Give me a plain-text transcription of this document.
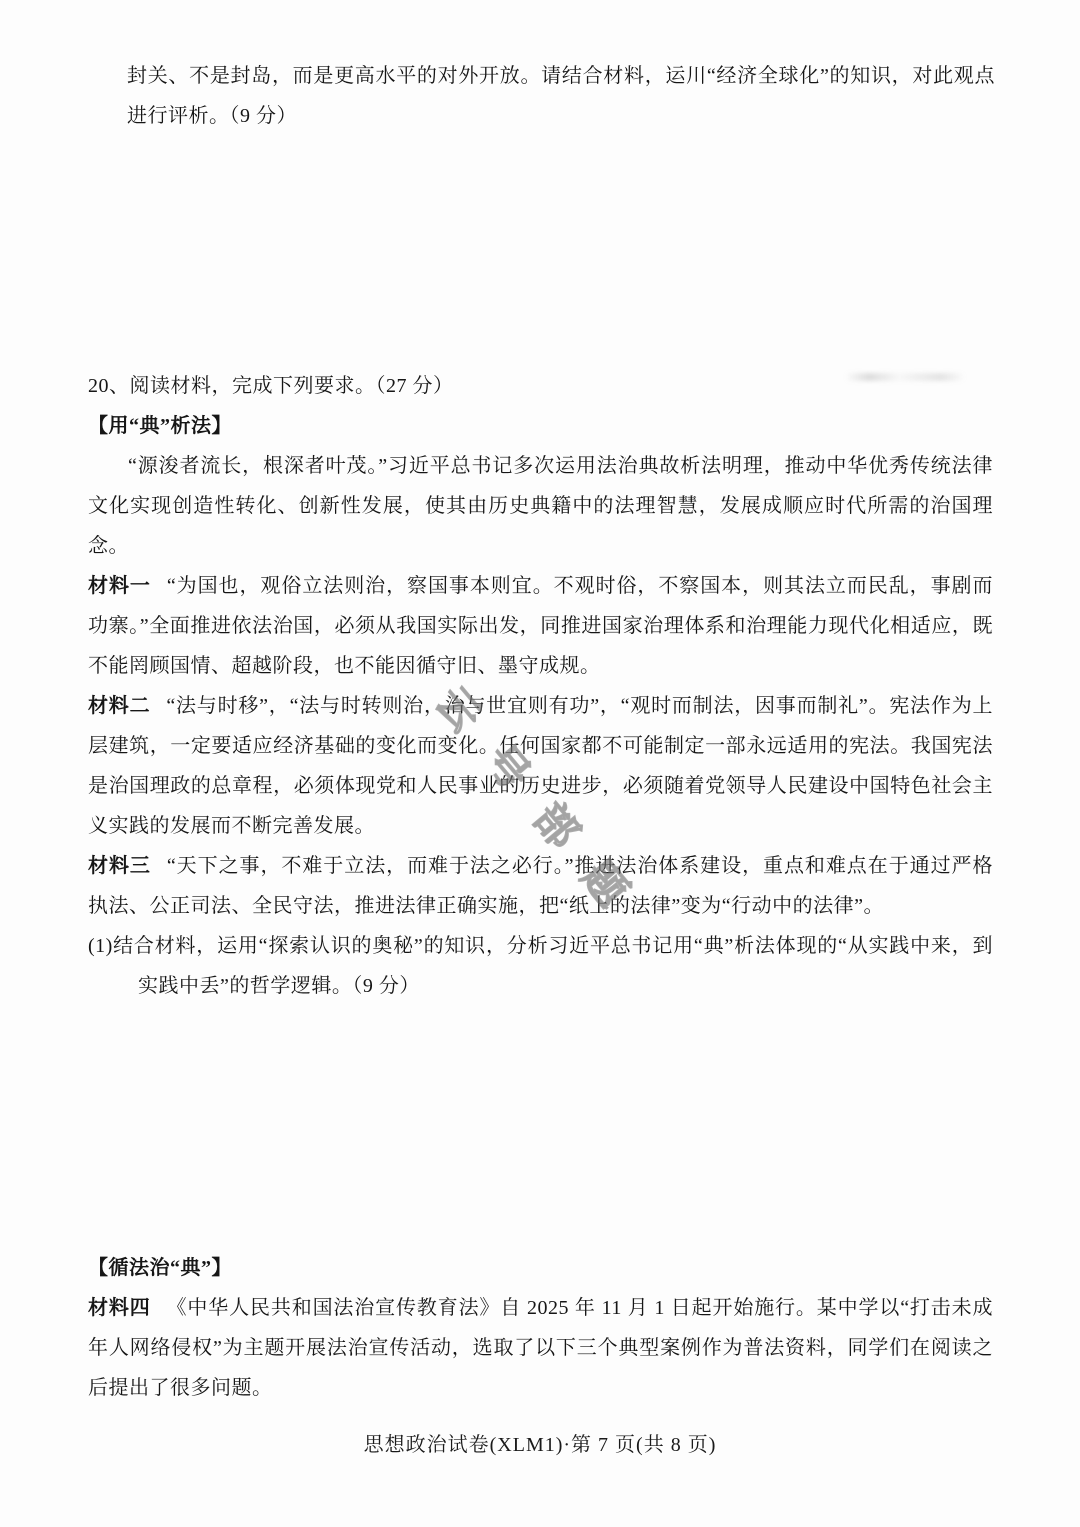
封关、不是封岛，而是更高水平的对外开放。请结合材料，运川“经济全球化”的知识，对此观点进行评析。（9 分）

20、阅读材料，完成下列要求。（27 分）

【用“典”析法】

“源浚者流长，根深者叶茂。”习近平总书记多次运用法治典故析法明理，推动中华优秀传统法律文化实现创造性转化、创新性发展，使其由历史典籍中的法理智慧，发展成顺应时代所需的治国理念。

材料一 “为国也，观俗立法则治，察国事本则宜。不观时俗，不察国本，则其法立而民乱，事剧而功寨。”全面推进依法治国，必须从我国实际出发，同推进国家治理体系和治理能力现代化相适应，既不能罔顾国情、超越阶段，也不能因循守旧、墨守成规。

材料二 “法与时移”，“法与时转则治，治与世宜则有功”，“观时而制法，因事而制礼”。宪法作为上层建筑，一定要适应经济基础的变化而变化。任何国家都不可能制定一部永远适用的宪法。我国宪法是治国理政的总章程，必须体现党和人民事业的历史进步，必须随着党领导人民建设中国特色社会主义实践的发展而不断完善发展。

材料三 “天下之事，不难于立法，而难于法之必行。”推进法治体系建设，重点和难点在于通过严格执法、公正司法、全民守法，推进法律正确实施，把“纸上的法律”变为“行动中的法律”。

(1)结合材料，运用“探索认识的奥秘”的知识，分析习近平总书记用“典”析法体现的“从实践中来，到实践中丢”的哲学逻辑。（9 分）

【循法治“典”】

材料四 《中华人民共和国法治宣传教育法》自 2025 年 11 月 1 日起开始施行。某中学以“打击未成年人网络侵权”为主题开展法治宣传活动，选取了以下三个典型案例作为普法资料，同学们在阅读之后提出了很多问题。

云号部题
思想政治试卷(XLM1)·第 7 页(共 8 页)
